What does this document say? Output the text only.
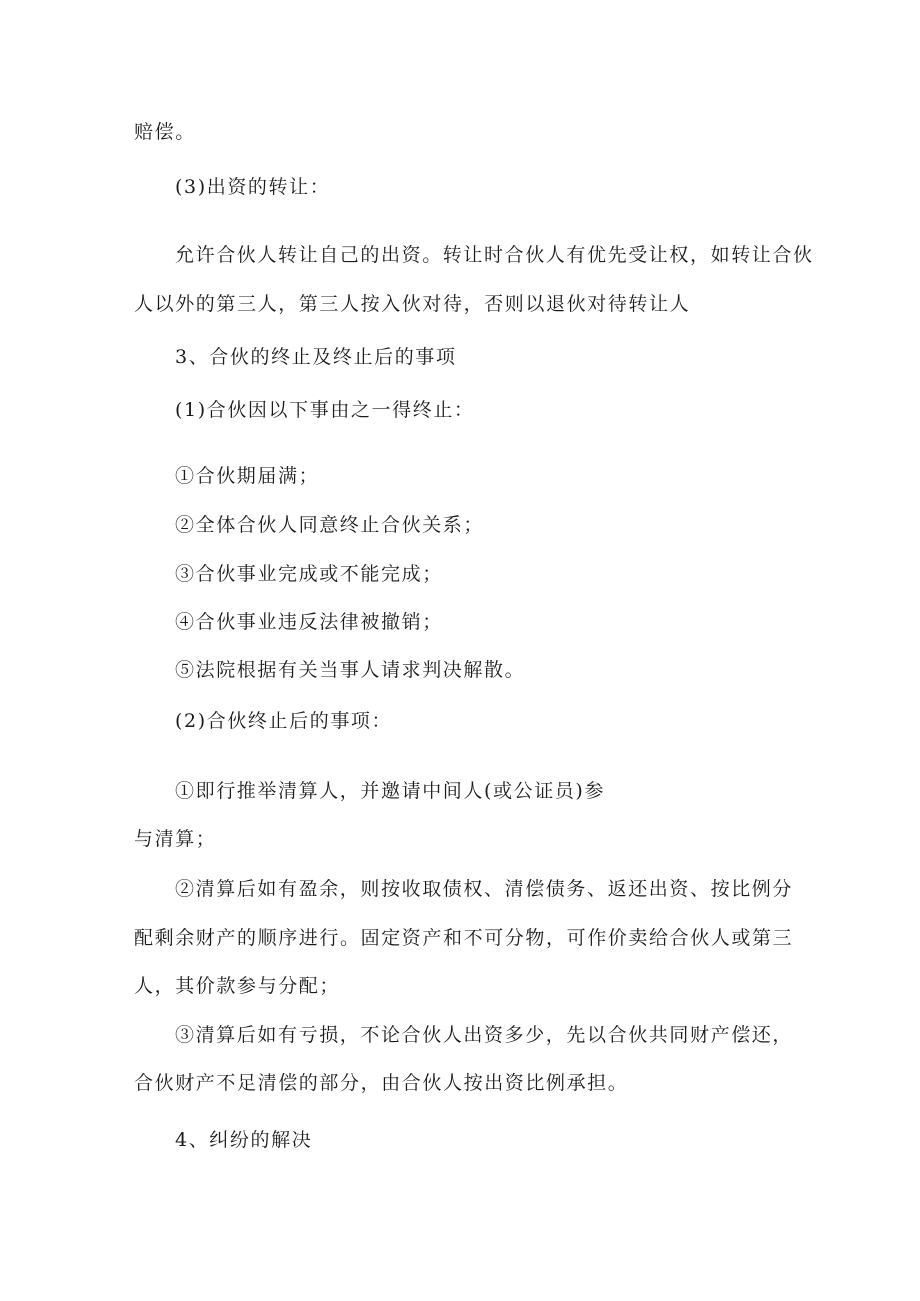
赔偿。
(3)出资的转让：
允许合伙人转让自己的出资。转让时合伙人有优先受让权，如转让合伙
人以外的第三人，第三人按入伙对待，否则以退伙对待转让人
3、合伙的终止及终止后的事项
(1)合伙因以下事由之一得终止：
①合伙期届满；
②全体合伙人同意终止合伙关系；
③合伙事业完成或不能完成；
④合伙事业违反法律被撤销；
⑤法院根据有关当事人请求判决解散。
(2)合伙终止后的事项：
①即行推举清算人，并邀请中间人(或公证员)参
与清算；
②清算后如有盈余，则按收取债权、清偿债务、返还出资、按比例分
配剩余财产的顺序进行。固定资产和不可分物，可作价卖给合伙人或第三
人，其价款参与分配；
③清算后如有亏损，不论合伙人出资多少，先以合伙共同财产偿还，
合伙财产不足清偿的部分，由合伙人按出资比例承担。
4、纠纷的解决
